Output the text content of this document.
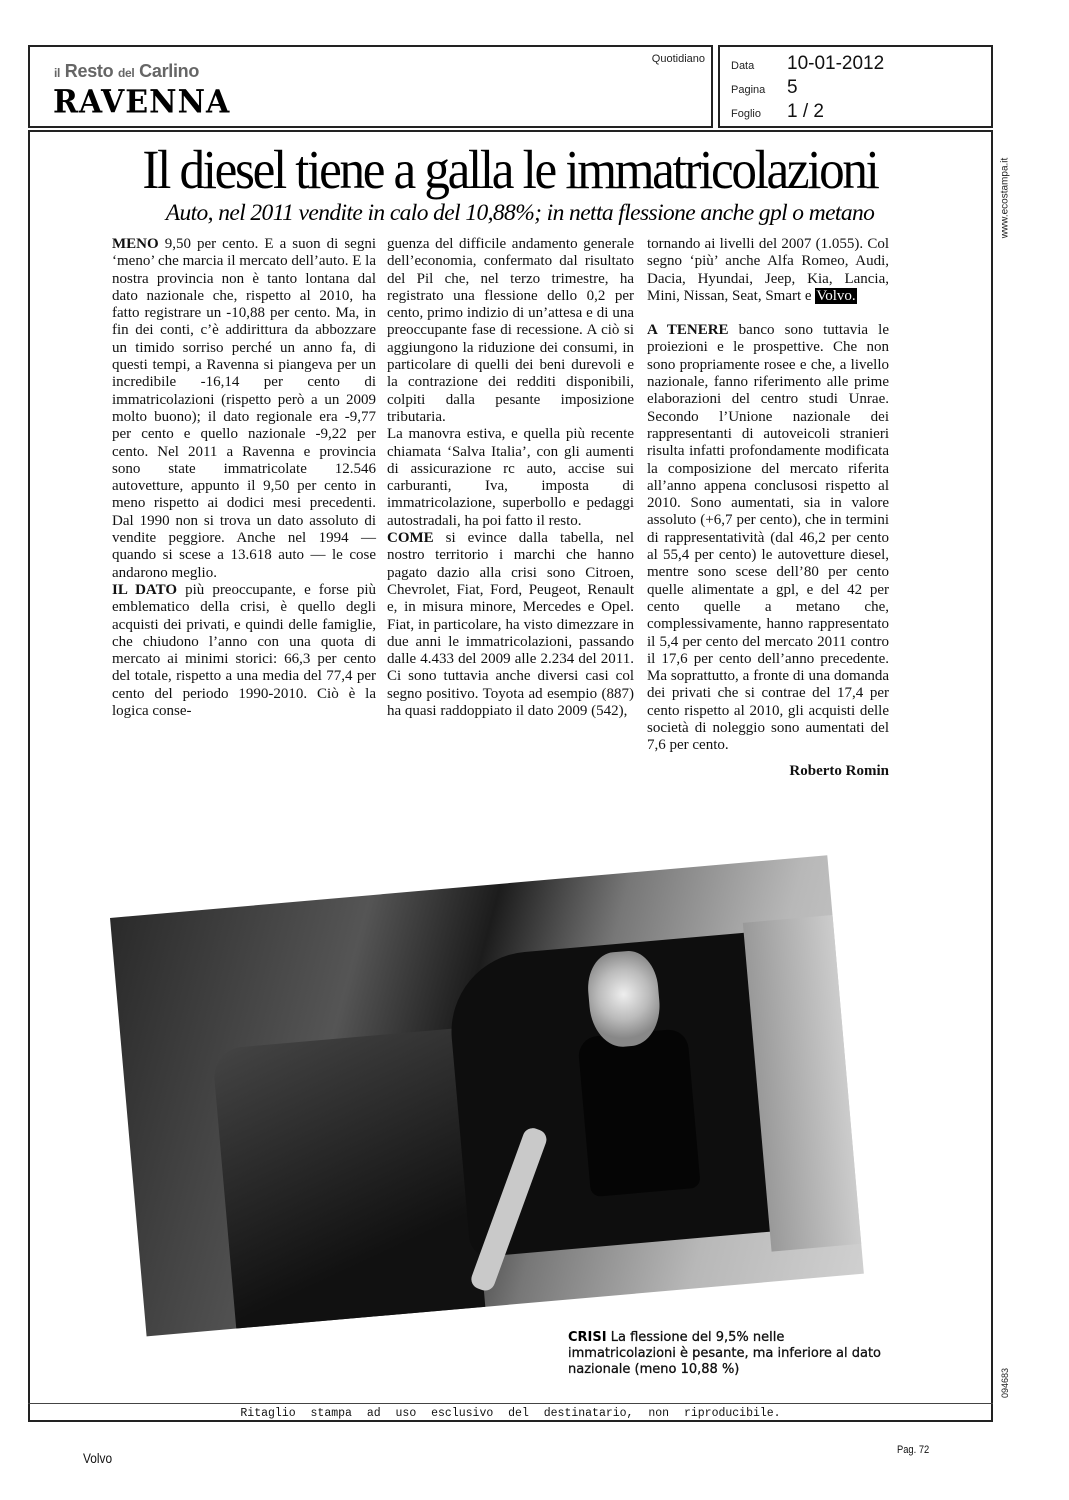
il Resto del Carlino
RAVENNA
Quotidiano
Data 10-01-2012
Pagina 5
Foglio 1 / 2
www.ecostampa.it
094683
Il diesel tiene a galla le immatricolazioni
Auto, nel 2011 vendite in calo del 10,88%; in netta flessione anche gpl o metano

MENO 9,50 per cento. E a suon di segni ‘meno’ che marcia il mercato dell’auto. E la nostra provincia non è tanto lontana dal dato nazionale che, rispetto al 2010, ha fatto registrare un -10,88 per cento. Ma, in fin dei conti, c’è addirittura da abbozzare un timido sorriso perché un anno fa, di questi tempi, a Ravenna si piangeva per un incredibile -16,14 per cento di immatricolazioni (rispetto però a un 2009 molto buono); il dato regionale era -9,77 per cento e quello nazionale -9,22 per cento. Nel 2011 a Ravenna e provincia sono state immatricolate 12.546 autovetture, appunto il 9,50 per cento in meno rispetto ai dodici mesi precedenti. Dal 1990 non si trova un dato assoluto di vendite peggiore. Anche nel 1994 — quando si scese a 13.618 auto — le cose andarono meglio.

IL DATO più preoccupante, e forse più emblematico della crisi, è quello degli acquisti dei privati, e quindi delle famiglie, che chiudono l’anno con una quota di mercato ai minimi storici: 66,3 per cento del totale, rispetto a una media del 77,4 per cento del periodo 1990-2010. Ciò è la logica conse-

guenza del difficile andamento generale dell’economia, confermato dal risultato del Pil che, nel terzo trimestre, ha registrato una flessione dello 0,2 per cento, primo indizio di un’attesa e di una preoccupante fase di recessione. A ciò si aggiungono la riduzione dei consumi, in particolare di quelli dei beni durevoli e la contrazione dei redditi disponibili, colpiti dalla pesante imposizione tributaria.

La manovra estiva, e quella più recente chiamata ‘Salva Italia’, con gli aumenti di assicurazione rc auto, accise sui carburanti, Iva, imposta di immatricolazione, superbollo e pedaggi autostradali, ha poi fatto il resto.

COME si evince dalla tabella, nel nostro territorio i marchi che hanno pagato dazio alla crisi sono Citroen, Chevrolet, Fiat, Ford, Peugeot, Renault e, in misura minore, Mercedes e Opel. Fiat, in particolare, ha visto dimezzare in due anni le immatricolazioni, passando dalle 4.433 del 2009 alle 2.234 del 2011. Ci sono tuttavia anche diversi casi col segno positivo. Toyota ad esempio (887) ha quasi raddoppiato il dato 2009 (542),

tornando ai livelli del 2007 (1.055). Col segno ‘più’ anche Alfa Romeo, Audi, Dacia, Hyundai, Jeep, Kia, Lancia, Mini, Nissan, Seat, Smart e Volvo.

A TENERE banco sono tuttavia le proiezioni e le prospettive. Che non sono propriamente rosee e che, a livello nazionale, fanno riferimento alle prime elaborazioni del centro studi Unrae. Secondo l’Unione nazionale dei rappresentanti di autoveicoli stranieri risulta infatti profondamente modificata la composizione del mercato riferita all’anno appena conclusosi rispetto al 2010. Sono aumentati, sia in valore assoluto (+6,7 per cento), che in termini di rappresentatività (dal 46,2 per cento al 55,4 per cento) le autovetture diesel, mentre sono scese dell’80 per cento quelle alimentate a gpl, e del 42 per cento quelle a metano che, complessivamente, hanno rappresentato il 5,4 per cento del mercato 2011 contro il 17,6 per cento dell’anno precedente. Ma soprattutto, a fronte di una domanda dei privati che si contrae del 17,4 per cento rispetto al 2010, gli acquisti delle società di noleggio sono aumentati del 7,6 per cento.

Roberto Romin

CRISI La flessione del 9,5% nelle immatricolazioni è pesante, ma inferiore al dato nazionale (meno 10,88 %)
Ritaglio stampa ad uso esclusivo del destinatario, non riproducibile.
Volvo	Pag. 72
